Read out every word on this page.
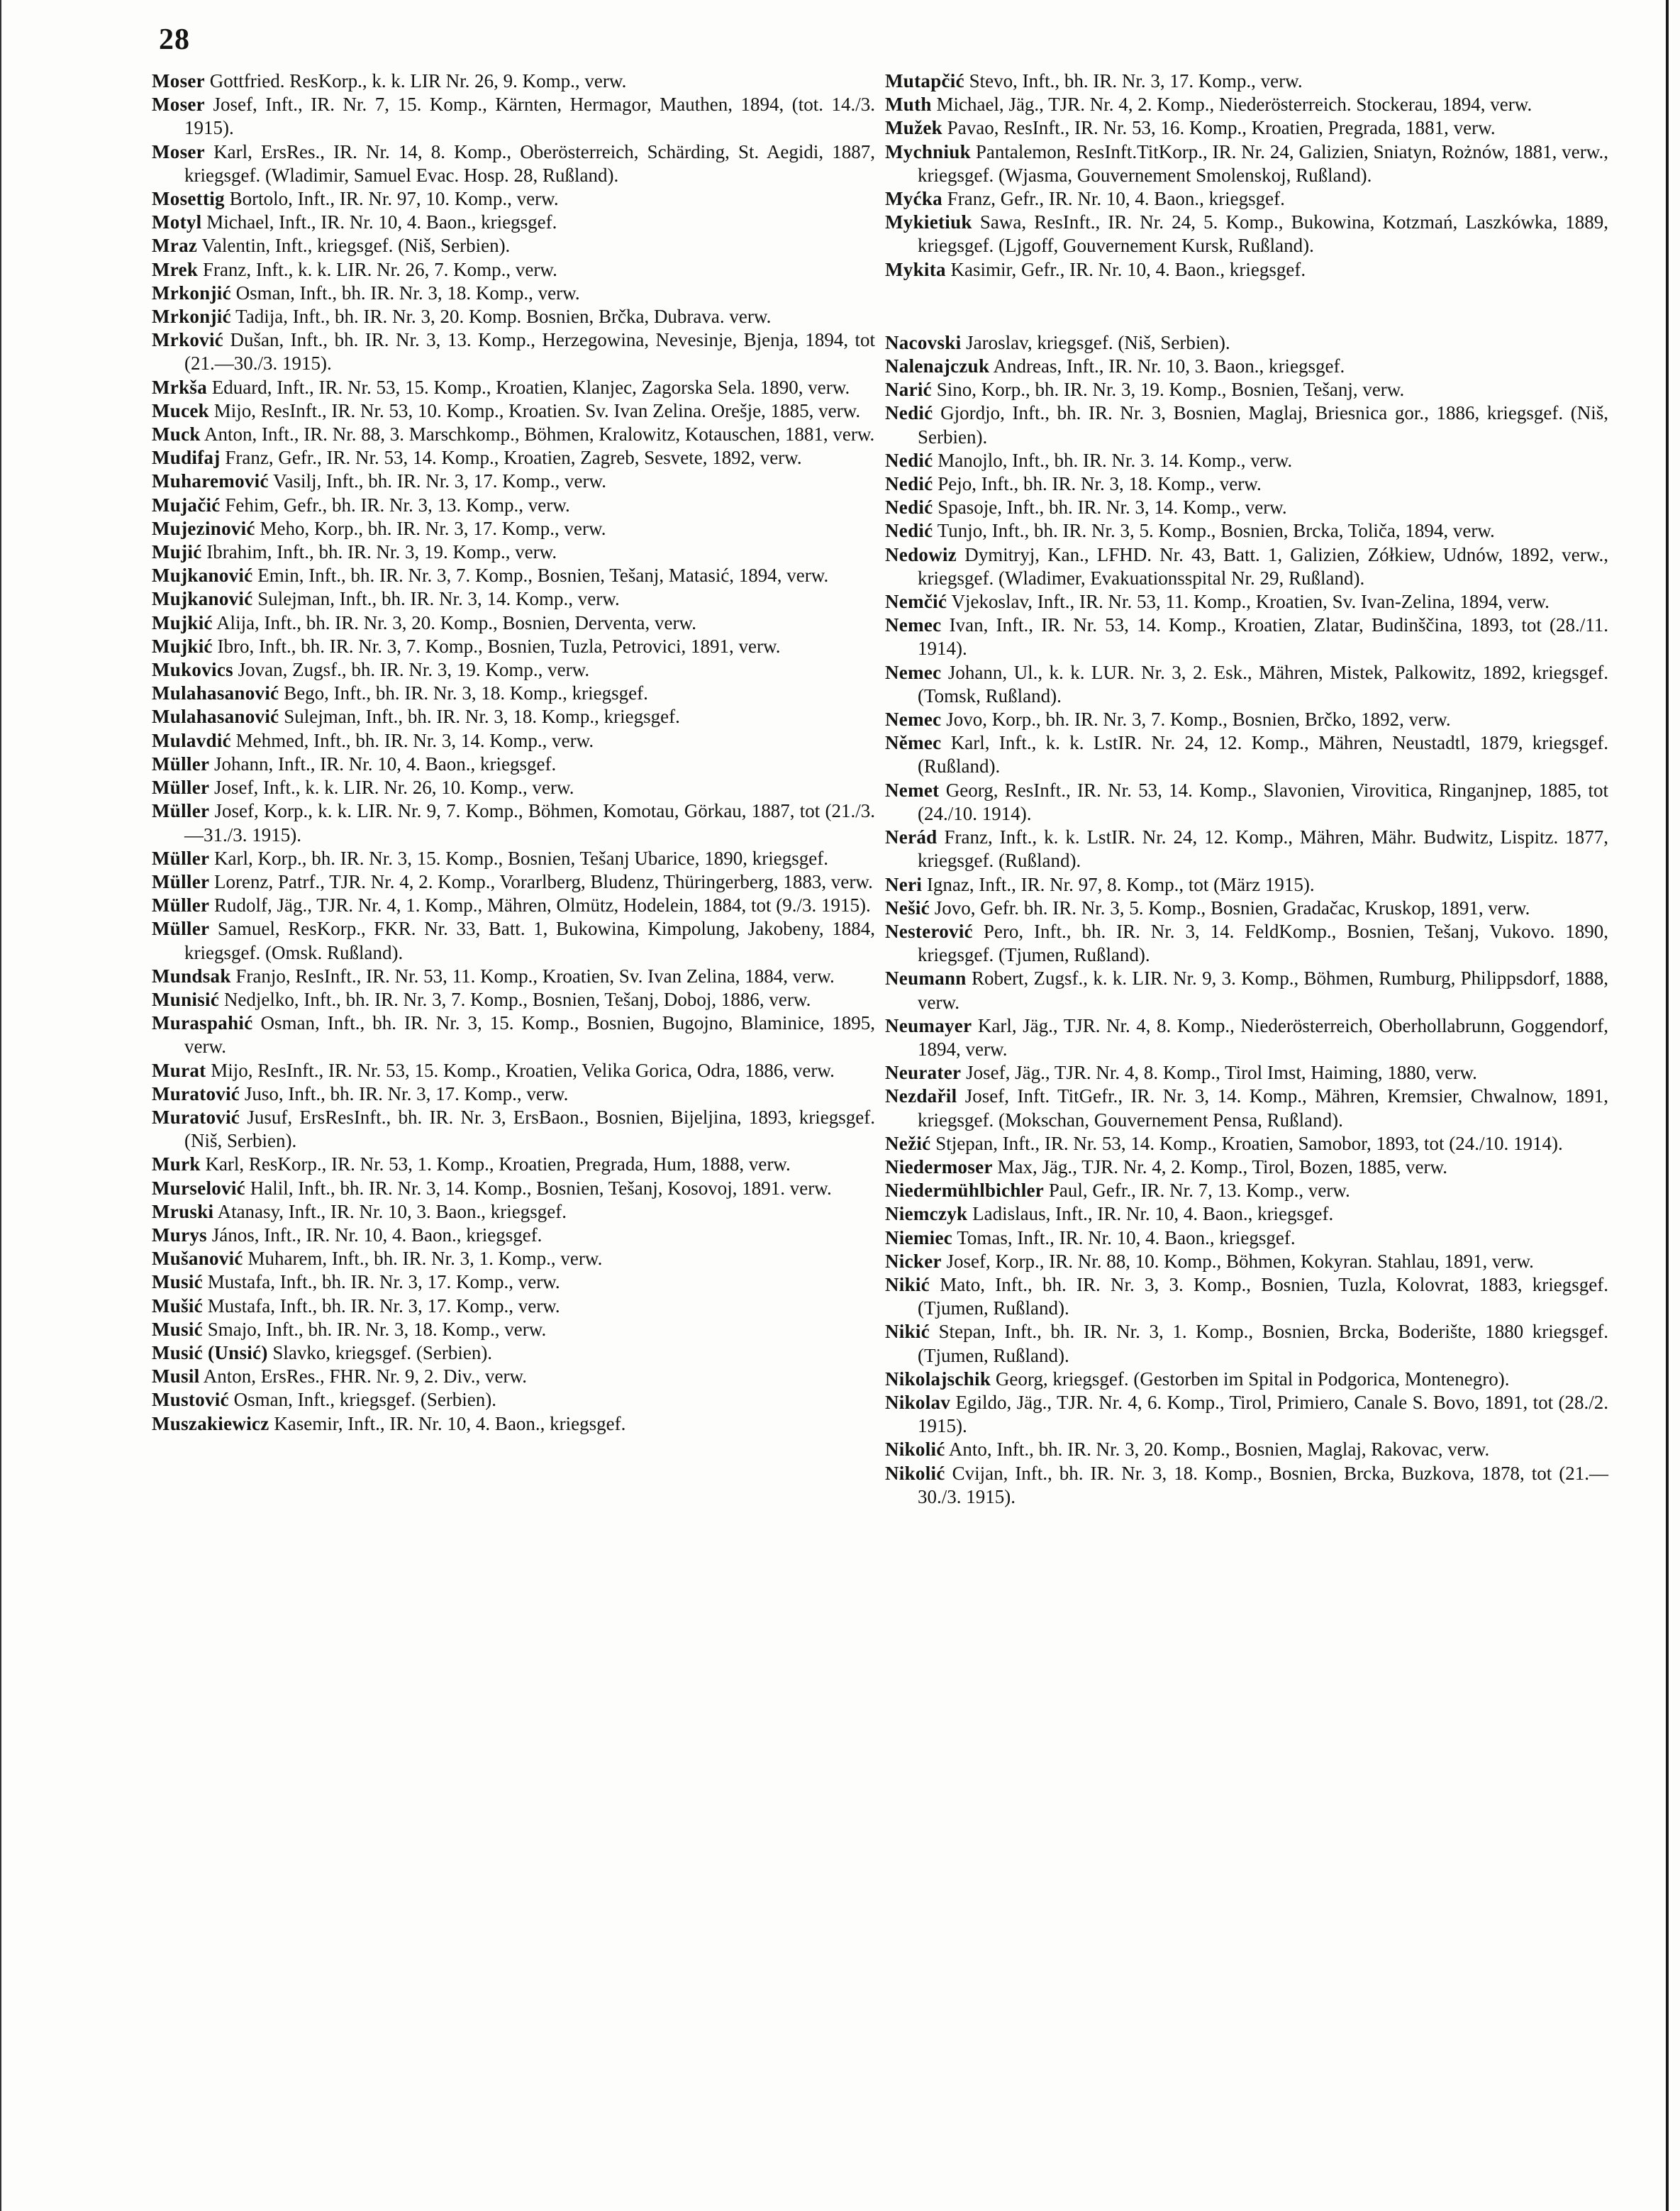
28

Moser Gottfried. ResKorp., k. k. LIR Nr. 26, 9. Komp., verw.

Moser Josef, Inft., IR. Nr. 7, 15. Komp., Kärnten, Hermagor, Mauthen, 1894, (tot. 14./3. 1915).

Moser Karl, ErsRes., IR. Nr. 14, 8. Komp., Oberösterreich, Schärding, St. Aegidi, 1887, kriegsgef. (Wladimir, Samuel Evac. Hosp. 28, Rußland).

Mosettig Bortolo, Inft., IR. Nr. 97, 10. Komp., verw.

Motyl Michael, Inft., IR. Nr. 10, 4. Baon., kriegsgef.

Mraz Valentin, Inft., kriegsgef. (Niš, Serbien).

Mrek Franz, Inft., k. k. LIR. Nr. 26, 7. Komp., verw.

Mrkonjić Osman, Inft., bh. IR. Nr. 3, 18. Komp., verw.

Mrkonjić Tadija, Inft., bh. IR. Nr. 3, 20. Komp. Bosnien, Brčka, Dubrava. verw.

Mrković Dušan, Inft., bh. IR. Nr. 3, 13. Komp., Herzegowina, Nevesinje, Bjenja, 1894, tot (21.—30./3. 1915).

Mrkša Eduard, Inft., IR. Nr. 53, 15. Komp., Kroatien, Klanjec, Zagorska Sela. 1890, verw.

Mucek Mijo, ResInft., IR. Nr. 53, 10. Komp., Kroatien. Sv. Ivan Zelina. Orešje, 1885, verw.

Muck Anton, Inft., IR. Nr. 88, 3. Marschkomp., Böhmen, Kralowitz, Kotauschen, 1881, verw.

Mudifaj Franz, Gefr., IR. Nr. 53, 14. Komp., Kroatien, Zagreb, Sesvete, 1892, verw.

Muharemović Vasilj, Inft., bh. IR. Nr. 3, 17. Komp., verw.

Mujačić Fehim, Gefr., bh. IR. Nr. 3, 13. Komp., verw.

Mujezinović Meho, Korp., bh. IR. Nr. 3, 17. Komp., verw.

Mujić Ibrahim, Inft., bh. IR. Nr. 3, 19. Komp., verw.

Mujkanović Emin, Inft., bh. IR. Nr. 3, 7. Komp., Bosnien, Tešanj, Matasić, 1894, verw.

Mujkanović Sulejman, Inft., bh. IR. Nr. 3, 14. Komp., verw.

Mujkić Alija, Inft., bh. IR. Nr. 3, 20. Komp., Bosnien, Derventa, verw.

Mujkić Ibro, Inft., bh. IR. Nr. 3, 7. Komp., Bosnien, Tuzla, Petrovici, 1891, verw.

Mukovics Jovan, Zugsf., bh. IR. Nr. 3, 19. Komp., verw.

Mulahasanović Bego, Inft., bh. IR. Nr. 3, 18. Komp., kriegsgef.

Mulahasanović Sulejman, Inft., bh. IR. Nr. 3, 18. Komp., kriegsgef.

Mulavdić Mehmed, Inft., bh. IR. Nr. 3, 14. Komp., verw.

Müller Johann, Inft., IR. Nr. 10, 4. Baon., kriegsgef.

Müller Josef, Inft., k. k. LIR. Nr. 26, 10. Komp., verw.

Müller Josef, Korp., k. k. LIR. Nr. 9, 7. Komp., Böhmen, Komotau, Görkau, 1887, tot (21./3.—31./3. 1915).

Müller Karl, Korp., bh. IR. Nr. 3, 15. Komp., Bosnien, Tešanj Ubarice, 1890, kriegsgef.

Müller Lorenz, Patrf., TJR. Nr. 4, 2. Komp., Vorarlberg, Bludenz, Thüringerberg, 1883, verw.

Müller Rudolf, Jäg., TJR. Nr. 4, 1. Komp., Mähren, Olmütz, Hodelein, 1884, tot (9./3. 1915).

Müller Samuel, ResKorp., FKR. Nr. 33, Batt. 1, Bukowina, Kimpolung, Jakobeny, 1884, kriegsgef. (Omsk. Rußland).

Mundsak Franjo, ResInft., IR. Nr. 53, 11. Komp., Kroatien, Sv. Ivan Zelina, 1884, verw.

Munisić Nedjelko, Inft., bh. IR. Nr. 3, 7. Komp., Bosnien, Tešanj, Doboj, 1886, verw.

Muraspahić Osman, Inft., bh. IR. Nr. 3, 15. Komp., Bosnien, Bugojno, Blaminice, 1895, verw.

Murat Mijo, ResInft., IR. Nr. 53, 15. Komp., Kroatien, Velika Gorica, Odra, 1886, verw.

Muratović Juso, Inft., bh. IR. Nr. 3, 17. Komp., verw.

Muratović Jusuf, ErsResInft., bh. IR. Nr. 3, ErsBaon., Bosnien, Bijeljina, 1893, kriegsgef. (Niš, Serbien).

Murk Karl, ResKorp., IR. Nr. 53, 1. Komp., Kroatien, Pregrada, Hum, 1888, verw.

Murselović Halil, Inft., bh. IR. Nr. 3, 14. Komp., Bosnien, Tešanj, Kosovoj, 1891. verw.

Mruski Atanasy, Inft., IR. Nr. 10, 3. Baon., kriegsgef.

Murys János, Inft., IR. Nr. 10, 4. Baon., kriegsgef.

Mušanović Muharem, Inft., bh. IR. Nr. 3, 1. Komp., verw.

Musić Mustafa, Inft., bh. IR. Nr. 3, 17. Komp., verw.

Mušić Mustafa, Inft., bh. IR. Nr. 3, 17. Komp., verw.

Musić Smajo, Inft., bh. IR. Nr. 3, 18. Komp., verw.

Musić (Unsić) Slavko, kriegsgef. (Serbien).

Musil Anton, ErsRes., FHR. Nr. 9, 2. Div., verw.

Mustović Osman, Inft., kriegsgef. (Serbien).

Muszakiewicz Kasemir, Inft., IR. Nr. 10, 4. Baon., kriegsgef.

Mutapčić Stevo, Inft., bh. IR. Nr. 3, 17. Komp., verw.

Muth Michael, Jäg., TJR. Nr. 4, 2. Komp., Niederösterreich. Stockerau, 1894, verw.

Mužek Pavao, ResInft., IR. Nr. 53, 16. Komp., Kroatien, Pregrada, 1881, verw.

Mychniuk Pantalemon, ResInft.TitKorp., IR. Nr. 24, Galizien, Sniatyn, Rożnów, 1881, verw., kriegsgef. (Wjasma, Gouvernement Smolenskoj, Rußland).

Myćka Franz, Gefr., IR. Nr. 10, 4. Baon., kriegsgef.

Mykietiuk Sawa, ResInft., IR. Nr. 24, 5. Komp., Bukowina, Kotzmań, Laszkówka, 1889, kriegsgef. (Ljgoff, Gouvernement Kursk, Rußland).

Mykita Kasimir, Gefr., IR. Nr. 10, 4. Baon., kriegsgef.

Nacovski Jaroslav, kriegsgef. (Niš, Serbien).

Nalenajczuk Andreas, Inft., IR. Nr. 10, 3. Baon., kriegsgef.

Narić Sino, Korp., bh. IR. Nr. 3, 19. Komp., Bosnien, Tešanj, verw.

Nedić Gjordjo, Inft., bh. IR. Nr. 3, Bosnien, Maglaj, Briesnica gor., 1886, kriegsgef. (Niš, Serbien).

Nedić Manojlo, Inft., bh. IR. Nr. 3. 14. Komp., verw.

Nedić Pejo, Inft., bh. IR. Nr. 3, 18. Komp., verw.

Nedić Spasoje, Inft., bh. IR. Nr. 3, 14. Komp., verw.

Nedić Tunjo, Inft., bh. IR. Nr. 3, 5. Komp., Bosnien, Brcka, Toliča, 1894, verw.

Nedowiz Dymitryj, Kan., LFHD. Nr. 43, Batt. 1, Galizien, Zółkiew, Udnów, 1892, verw., kriegsgef. (Wladimer, Evakuationsspital Nr. 29, Rußland).

Nemčić Vjekoslav, Inft., IR. Nr. 53, 11. Komp., Kroatien, Sv. Ivan-Zelina, 1894, verw.

Nemec Ivan, Inft., IR. Nr. 53, 14. Komp., Kroatien, Zlatar, Budinščina, 1893, tot (28./11. 1914).

Nemec Johann, Ul., k. k. LUR. Nr. 3, 2. Esk., Mähren, Mistek, Palkowitz, 1892, kriegsgef. (Tomsk, Rußland).

Nemec Jovo, Korp., bh. IR. Nr. 3, 7. Komp., Bosnien, Brčko, 1892, verw.

Němec Karl, Inft., k. k. LstIR. Nr. 24, 12. Komp., Mähren, Neustadtl, 1879, kriegsgef. (Rußland).

Nemet Georg, ResInft., IR. Nr. 53, 14. Komp., Slavonien, Virovitica, Ringanjnep, 1885, tot (24./10. 1914).

Nerád Franz, Inft., k. k. LstIR. Nr. 24, 12. Komp., Mähren, Mähr. Budwitz, Lispitz. 1877, kriegsgef. (Rußland).

Neri Ignaz, Inft., IR. Nr. 97, 8. Komp., tot (März 1915).

Nešić Jovo, Gefr. bh. IR. Nr. 3, 5. Komp., Bosnien, Gradačac, Kruskop, 1891, verw.

Nesterović Pero, Inft., bh. IR. Nr. 3, 14. FeldKomp., Bosnien, Tešanj, Vukovo. 1890, kriegsgef. (Tjumen, Rußland).

Neumann Robert, Zugsf., k. k. LIR. Nr. 9, 3. Komp., Böhmen, Rumburg, Philippsdorf, 1888, verw.

Neumayer Karl, Jäg., TJR. Nr. 4, 8. Komp., Niederösterreich, Oberhollabrunn, Goggendorf, 1894, verw.

Neurater Josef, Jäg., TJR. Nr. 4, 8. Komp., Tirol Imst, Haiming, 1880, verw.

Nezdařil Josef, Inft. TitGefr., IR. Nr. 3, 14. Komp., Mähren, Kremsier, Chwalnow, 1891, kriegsgef. (Mokschan, Gouvernement Pensa, Rußland).

Nežić Stjepan, Inft., IR. Nr. 53, 14. Komp., Kroatien, Samobor, 1893, tot (24./10. 1914).

Niedermoser Max, Jäg., TJR. Nr. 4, 2. Komp., Tirol, Bozen, 1885, verw.

Niedermühlbichler Paul, Gefr., IR. Nr. 7, 13. Komp., verw.

Niemczyk Ladislaus, Inft., IR. Nr. 10, 4. Baon., kriegsgef.

Niemiec Tomas, Inft., IR. Nr. 10, 4. Baon., kriegsgef.

Nicker Josef, Korp., IR. Nr. 88, 10. Komp., Böhmen, Kokyran. Stahlau, 1891, verw.

Nikić Mato, Inft., bh. IR. Nr. 3, 3. Komp., Bosnien, Tuzla, Kolovrat, 1883, kriegsgef. (Tjumen, Rußland).

Nikić Stepan, Inft., bh. IR. Nr. 3, 1. Komp., Bosnien, Brcka, Boderište, 1880 kriegsgef. (Tjumen, Rußland).

Nikolajschik Georg, kriegsgef. (Gestorben im Spital in Podgorica, Montenegro).

Nikolav Egildo, Jäg., TJR. Nr. 4, 6. Komp., Tirol, Primiero, Canale S. Bovo, 1891, tot (28./2. 1915).

Nikolić Anto, Inft., bh. IR. Nr. 3, 20. Komp., Bosnien, Maglaj, Rakovac, verw.

Nikolić Cvijan, Inft., bh. IR. Nr. 3, 18. Komp., Bosnien, Brcka, Buzkova, 1878, tot (21.—30./3. 1915).
